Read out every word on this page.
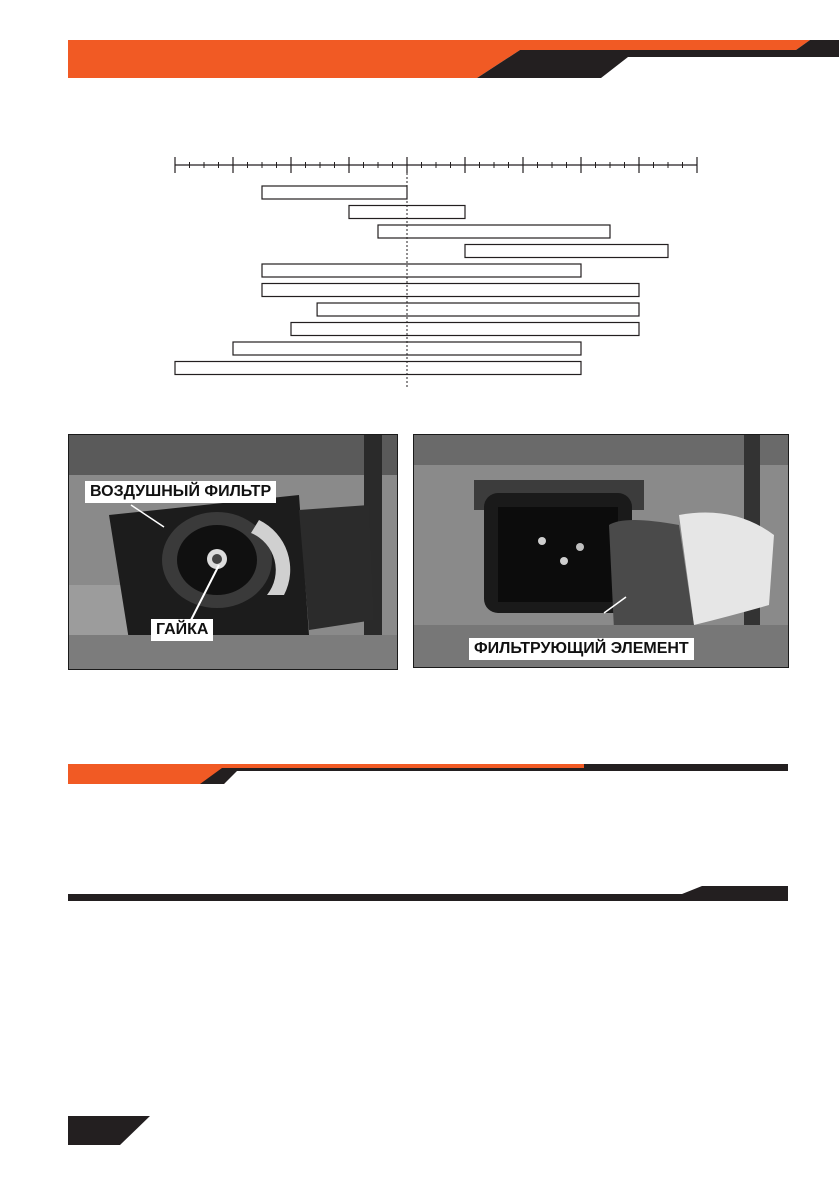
ВОЗДУШНЫЙ ФИЛЬТР
ГАЙКА
ФИЛЬТРУЮЩИЙ ЭЛЕМЕНТ
